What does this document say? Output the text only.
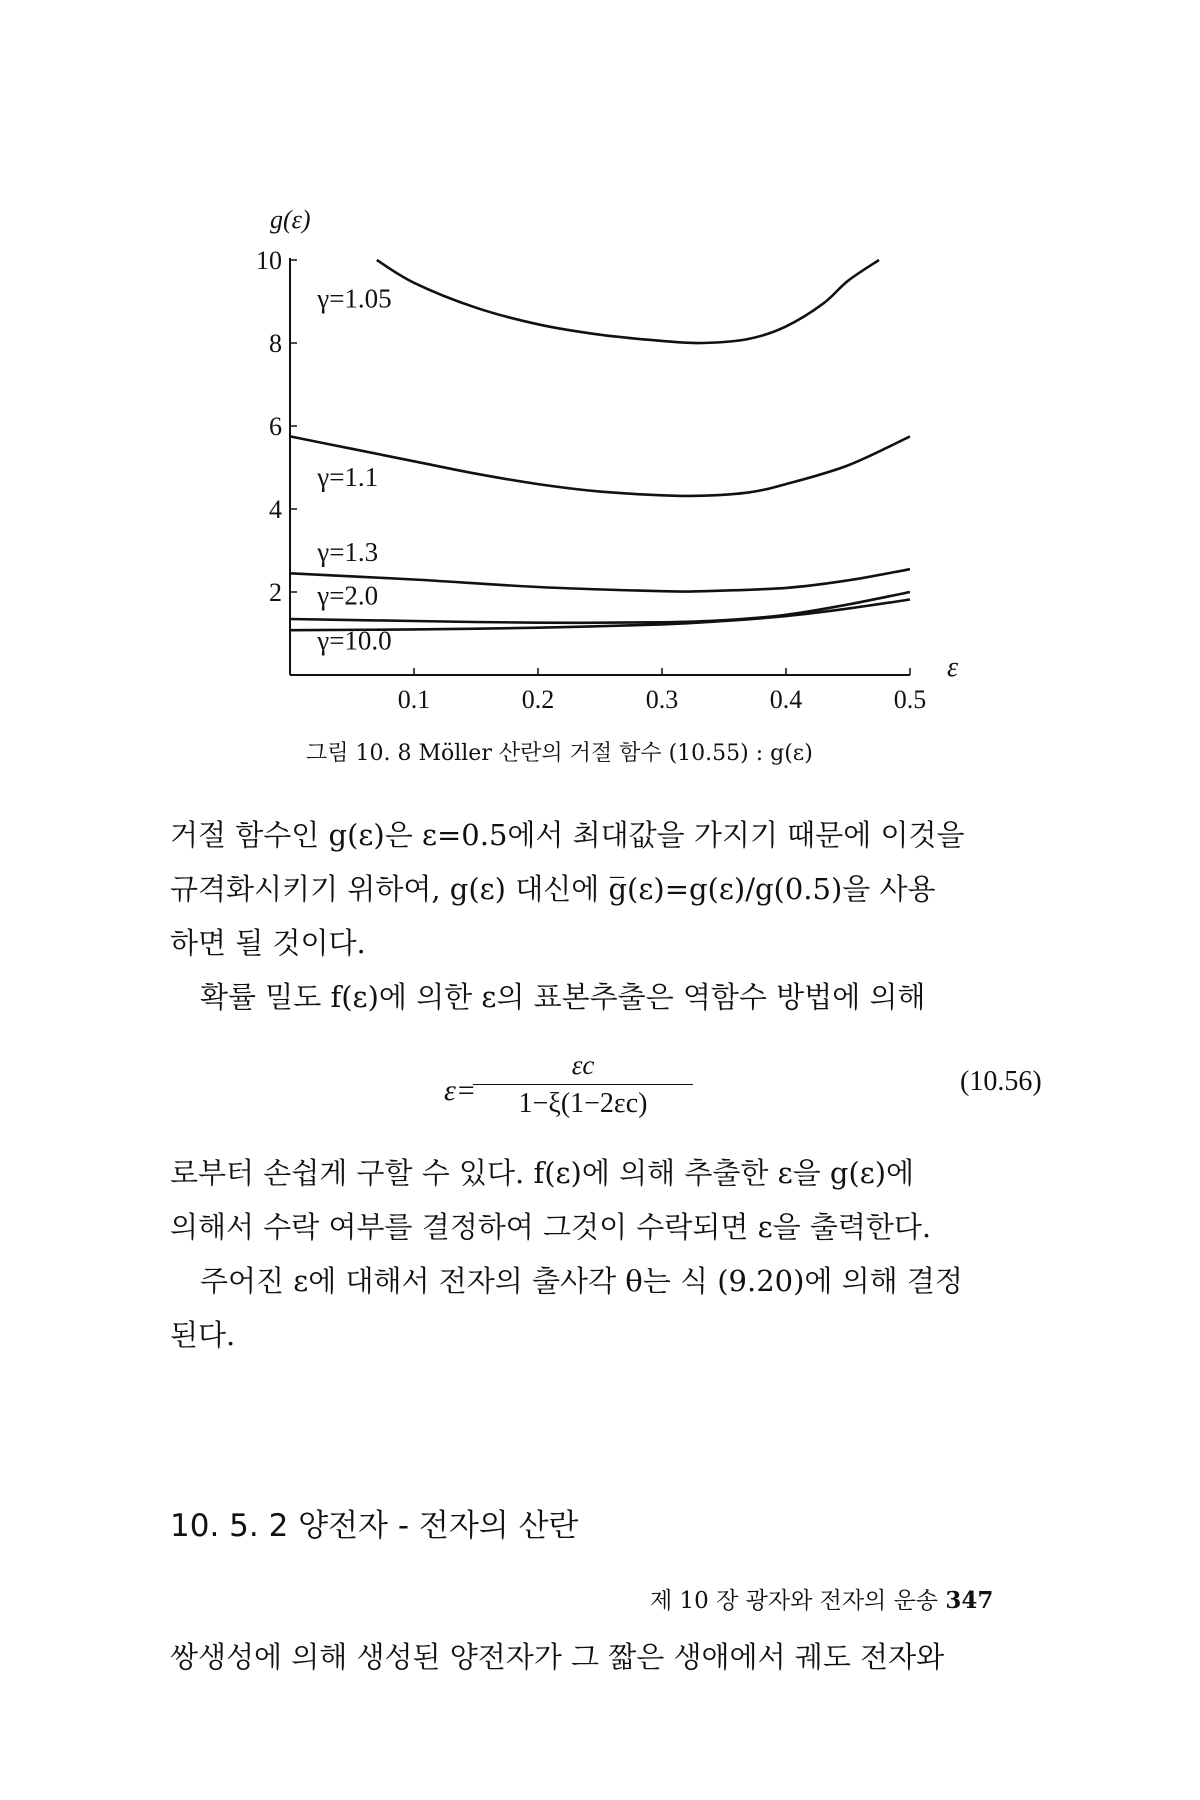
g(ε)
ε
10
8
6
4
2
0.1	0.2	0.3	0.4	0.5
γ=1.05
γ=1.1
γ=1.3
γ=2.0
γ=10.0
그림 10. 8 Möller 산란의 거절 함수 (10.55) : g(ε)
거절 함수인 g(ε)은 ε=0.5에서 최대값을 가지기 때문에 이것을
규격화시키기 위하여, g(ε) 대신에 g̅(ε)=g(ε)/g(0.5)을 사용
하면 될 것이다.
확률 밀도 f(ε)에 의한 ε의 표본추출은 역함수 방법에 의해
ε=
εc
1−ξ(1−2εc)
(10.56)
로부터 손쉽게 구할 수 있다. f(ε)에 의해 추출한 ε을 g(ε)에
의해서 수락 여부를 결정하여 그것이 수락되면 ε을 출력한다.
주어진 ε에 대해서 전자의 출사각 θ는 식 (9.20)에 의해 결정
된다.
10. 5. 2 양전자 - 전자의 산란
쌍생성에 의해 생성된 양전자가 그 짧은 생애에서 궤도 전자와
제 10 장 광자와 전자의 운송 347
